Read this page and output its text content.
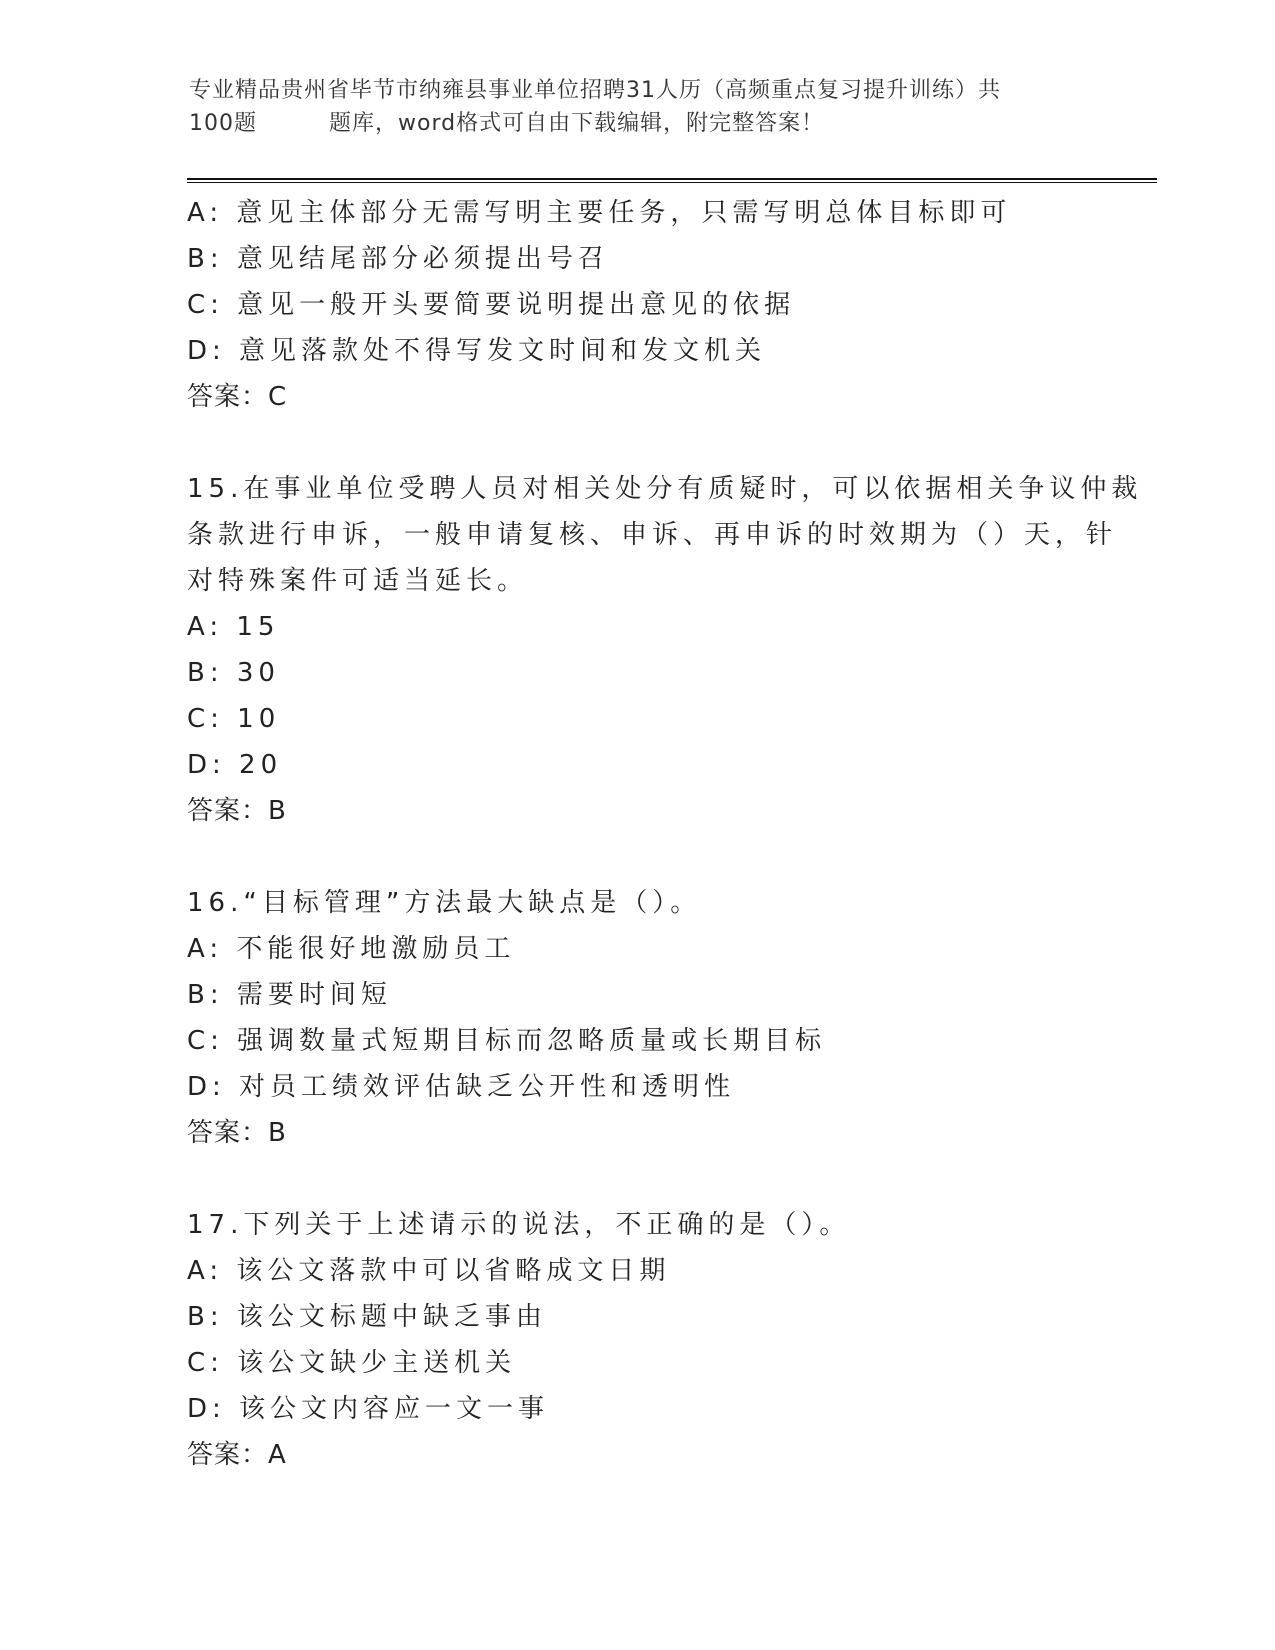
专业精品贵州省毕节市纳雍县事业单位招聘31人历（高频重点复习提升训练）共
100题	题库，word格式可自由下载编辑，附完整答案！
A: 意见主体部分无需写明主要任务，只需写明总体目标即可
B: 意见结尾部分必须提出号召
C: 意见一般开头要简要说明提出意见的依据
D: 意见落款处不得写发文时间和发文机关
答案：C
15.在事业单位受聘人员对相关处分有质疑时，可以依据相关争议仲裁
条款进行申诉，一般申请复核、申诉、再申诉的时效期为（）天，针
对特殊案件可适当延长。
A: 15
B: 30
C: 10
D: 20
答案：B
16.“目标管理”方法最大缺点是（）。
A: 不能很好地激励员工
B: 需要时间短
C: 强调数量式短期目标而忽略质量或长期目标
D: 对员工绩效评估缺乏公开性和透明性
答案：B
17.下列关于上述请示的说法，不正确的是（）。
A: 该公文落款中可以省略成文日期
B: 该公文标题中缺乏事由
C: 该公文缺少主送机关
D: 该公文内容应一文一事
答案：A
